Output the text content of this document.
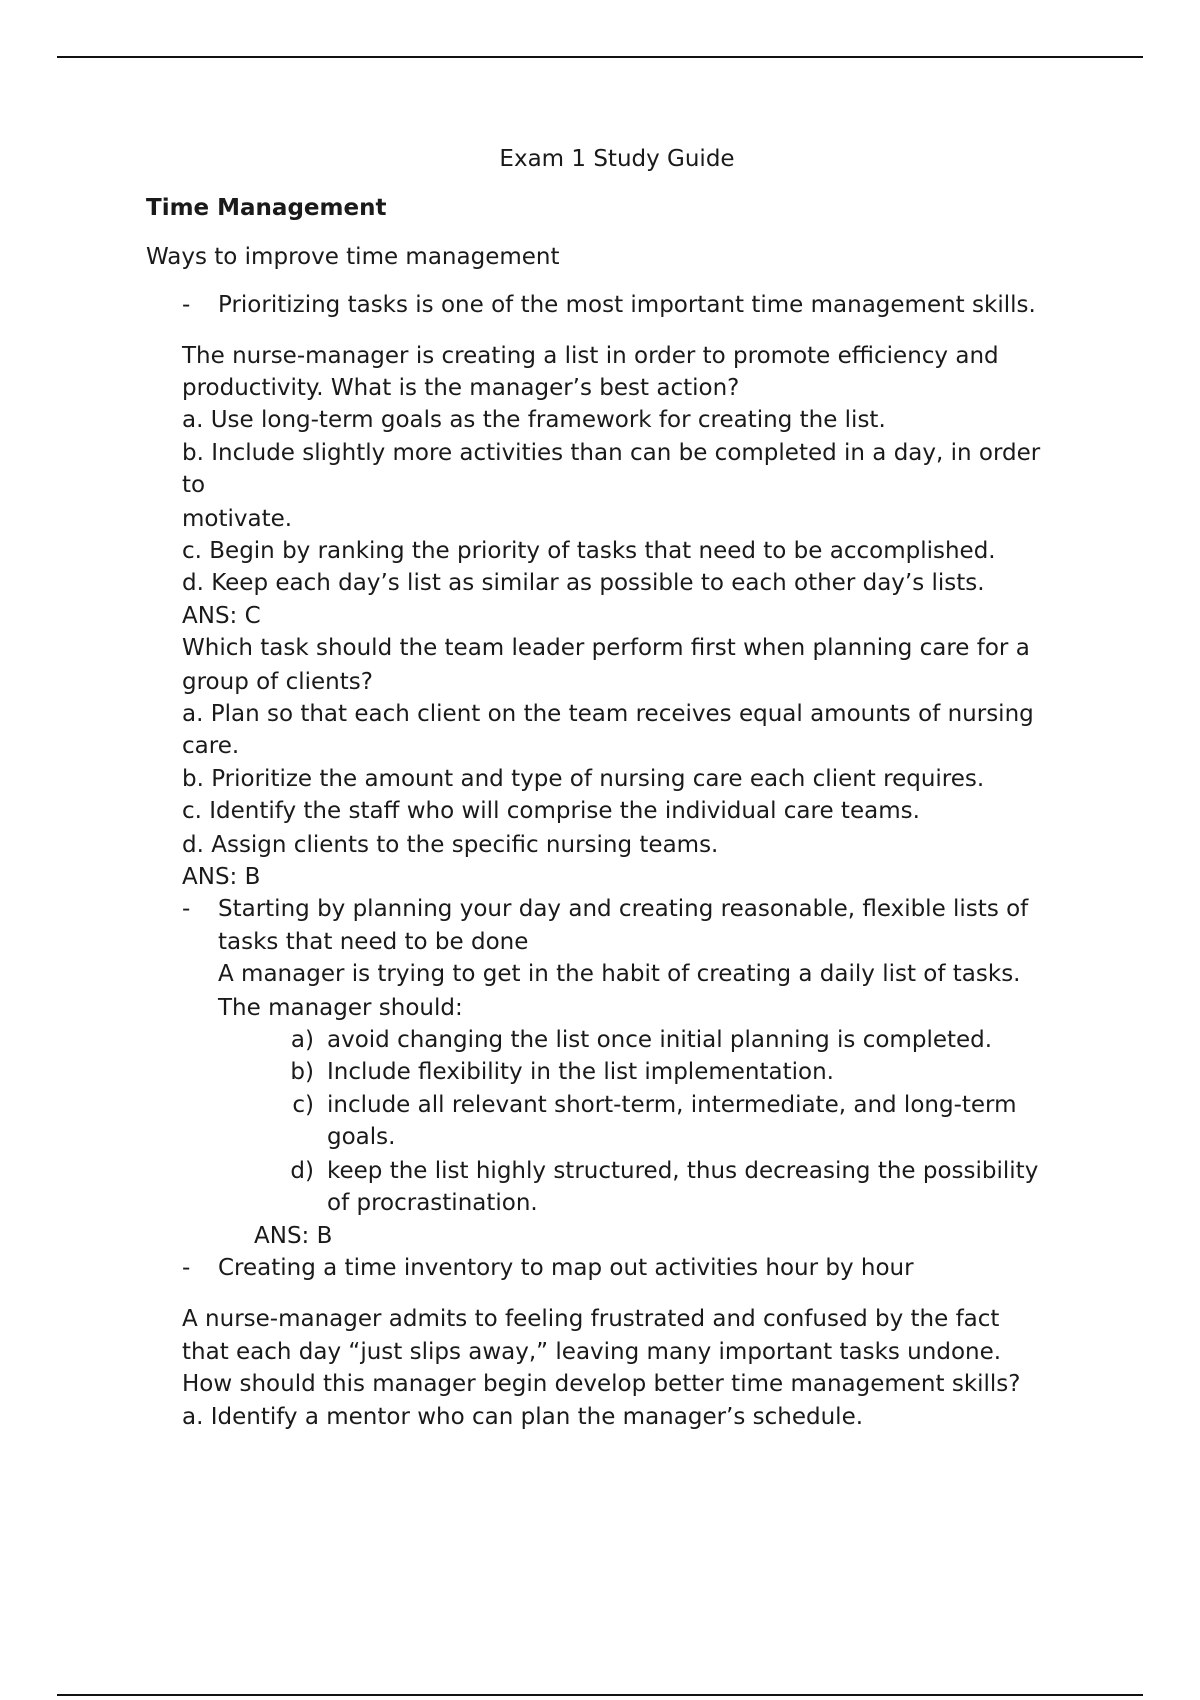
Exam 1 Study Guide
Time Management
Ways to improve time management
- Prioritizing tasks is one of the most important time management skills.
The nurse-manager is creating a list in order to promote efficiency and
productivity. What is the manager’s best action?
a. Use long-term goals as the framework for creating the list.
b. Include slightly more activities than can be completed in a day, in order
to
motivate.
c. Begin by ranking the priority of tasks that need to be accomplished.
d. Keep each day’s list as similar as possible to each other day’s lists.
ANS: C
Which task should the team leader perform first when planning care for a
group of clients?
a. Plan so that each client on the team receives equal amounts of nursing
care.
b. Prioritize the amount and type of nursing care each client requires.
c. Identify the staff who will comprise the individual care teams.
d. Assign clients to the specific nursing teams.
ANS: B
- Starting by planning your day and creating reasonable, flexible lists of
tasks that need to be done
A manager is trying to get in the habit of creating a daily list of tasks.
The manager should:
a) avoid changing the list once initial planning is completed.
b) Include flexibility in the list implementation.
c) include all relevant short-term, intermediate, and long-term
goals.
d) keep the list highly structured, thus decreasing the possibility
of procrastination.
ANS: B
- Creating a time inventory to map out activities hour by hour
A nurse-manager admits to feeling frustrated and confused by the fact
that each day “just slips away,” leaving many important tasks undone.
How should this manager begin develop better time management skills?
a. Identify a mentor who can plan the manager’s schedule.
